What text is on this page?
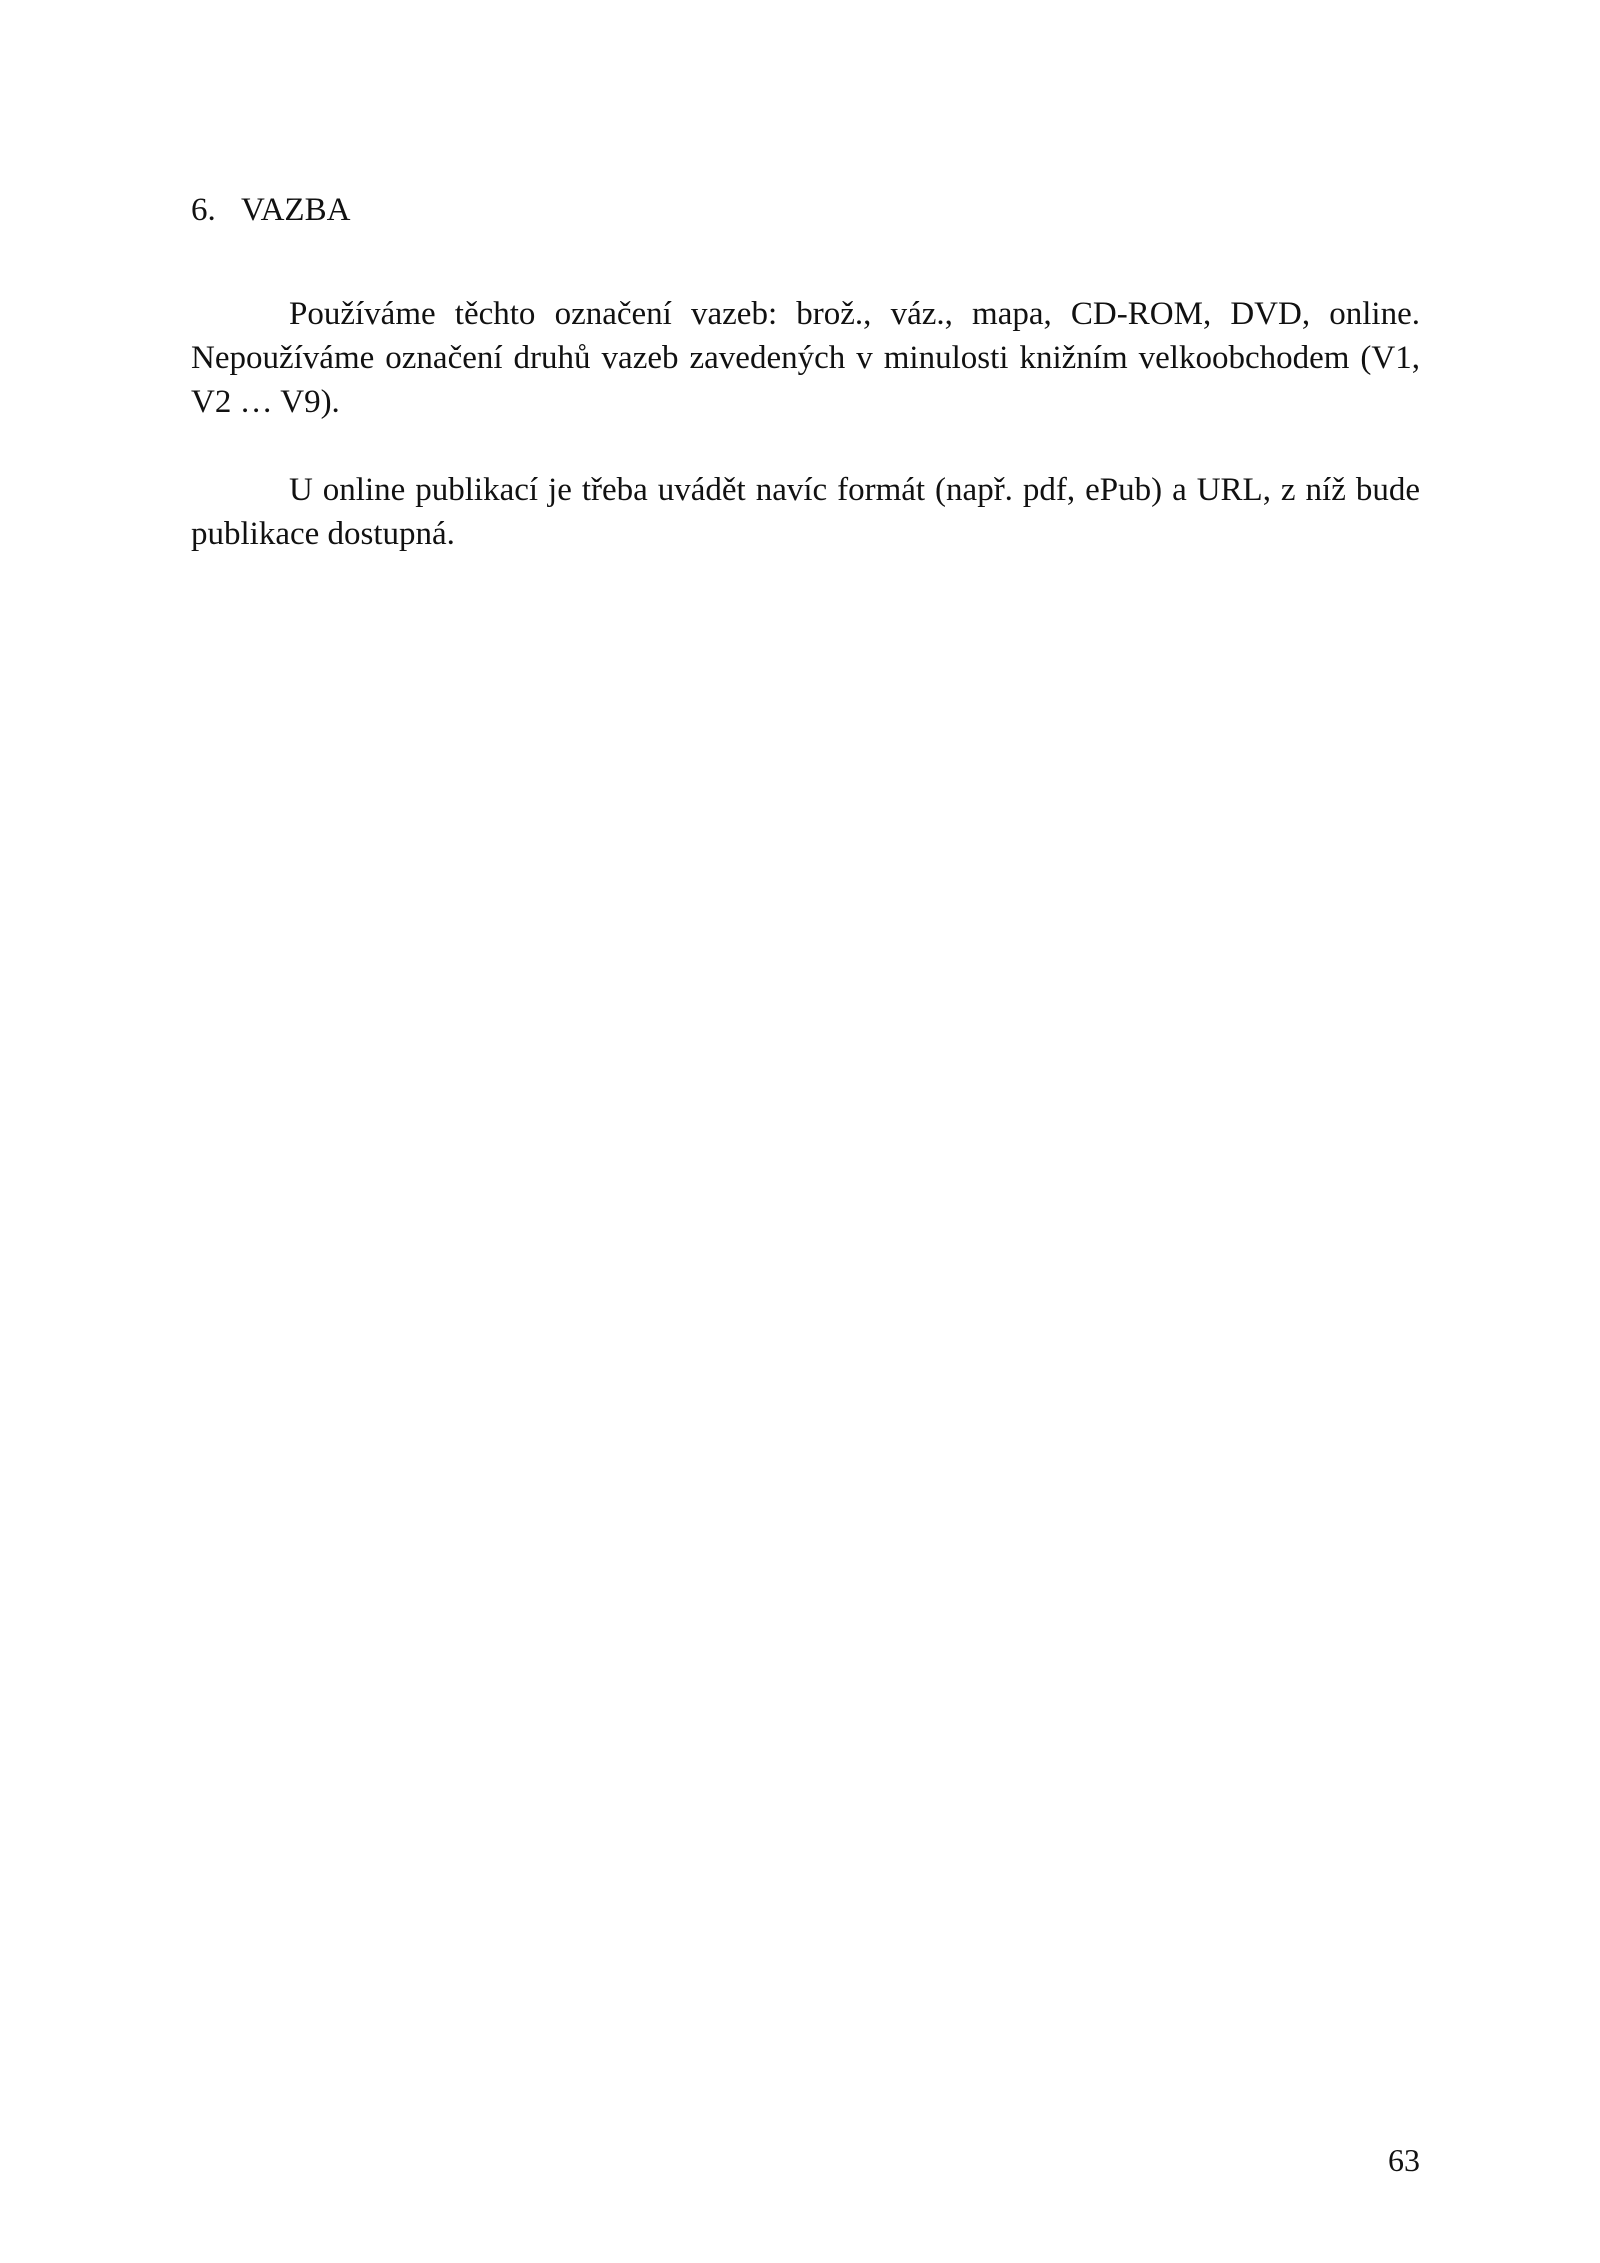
6. VAZBA

Používáme těchto označení vazeb: brož., váz., mapa, CD-ROM, DVD, online. Nepoužíváme označení druhů vazeb zavedených v minulosti knižním velkoobchodem (V1, V2 … V9).

U online publikací je třeba uvádět navíc formát (např. pdf, ePub) a URL, z níž bude publikace dostupná.

63
